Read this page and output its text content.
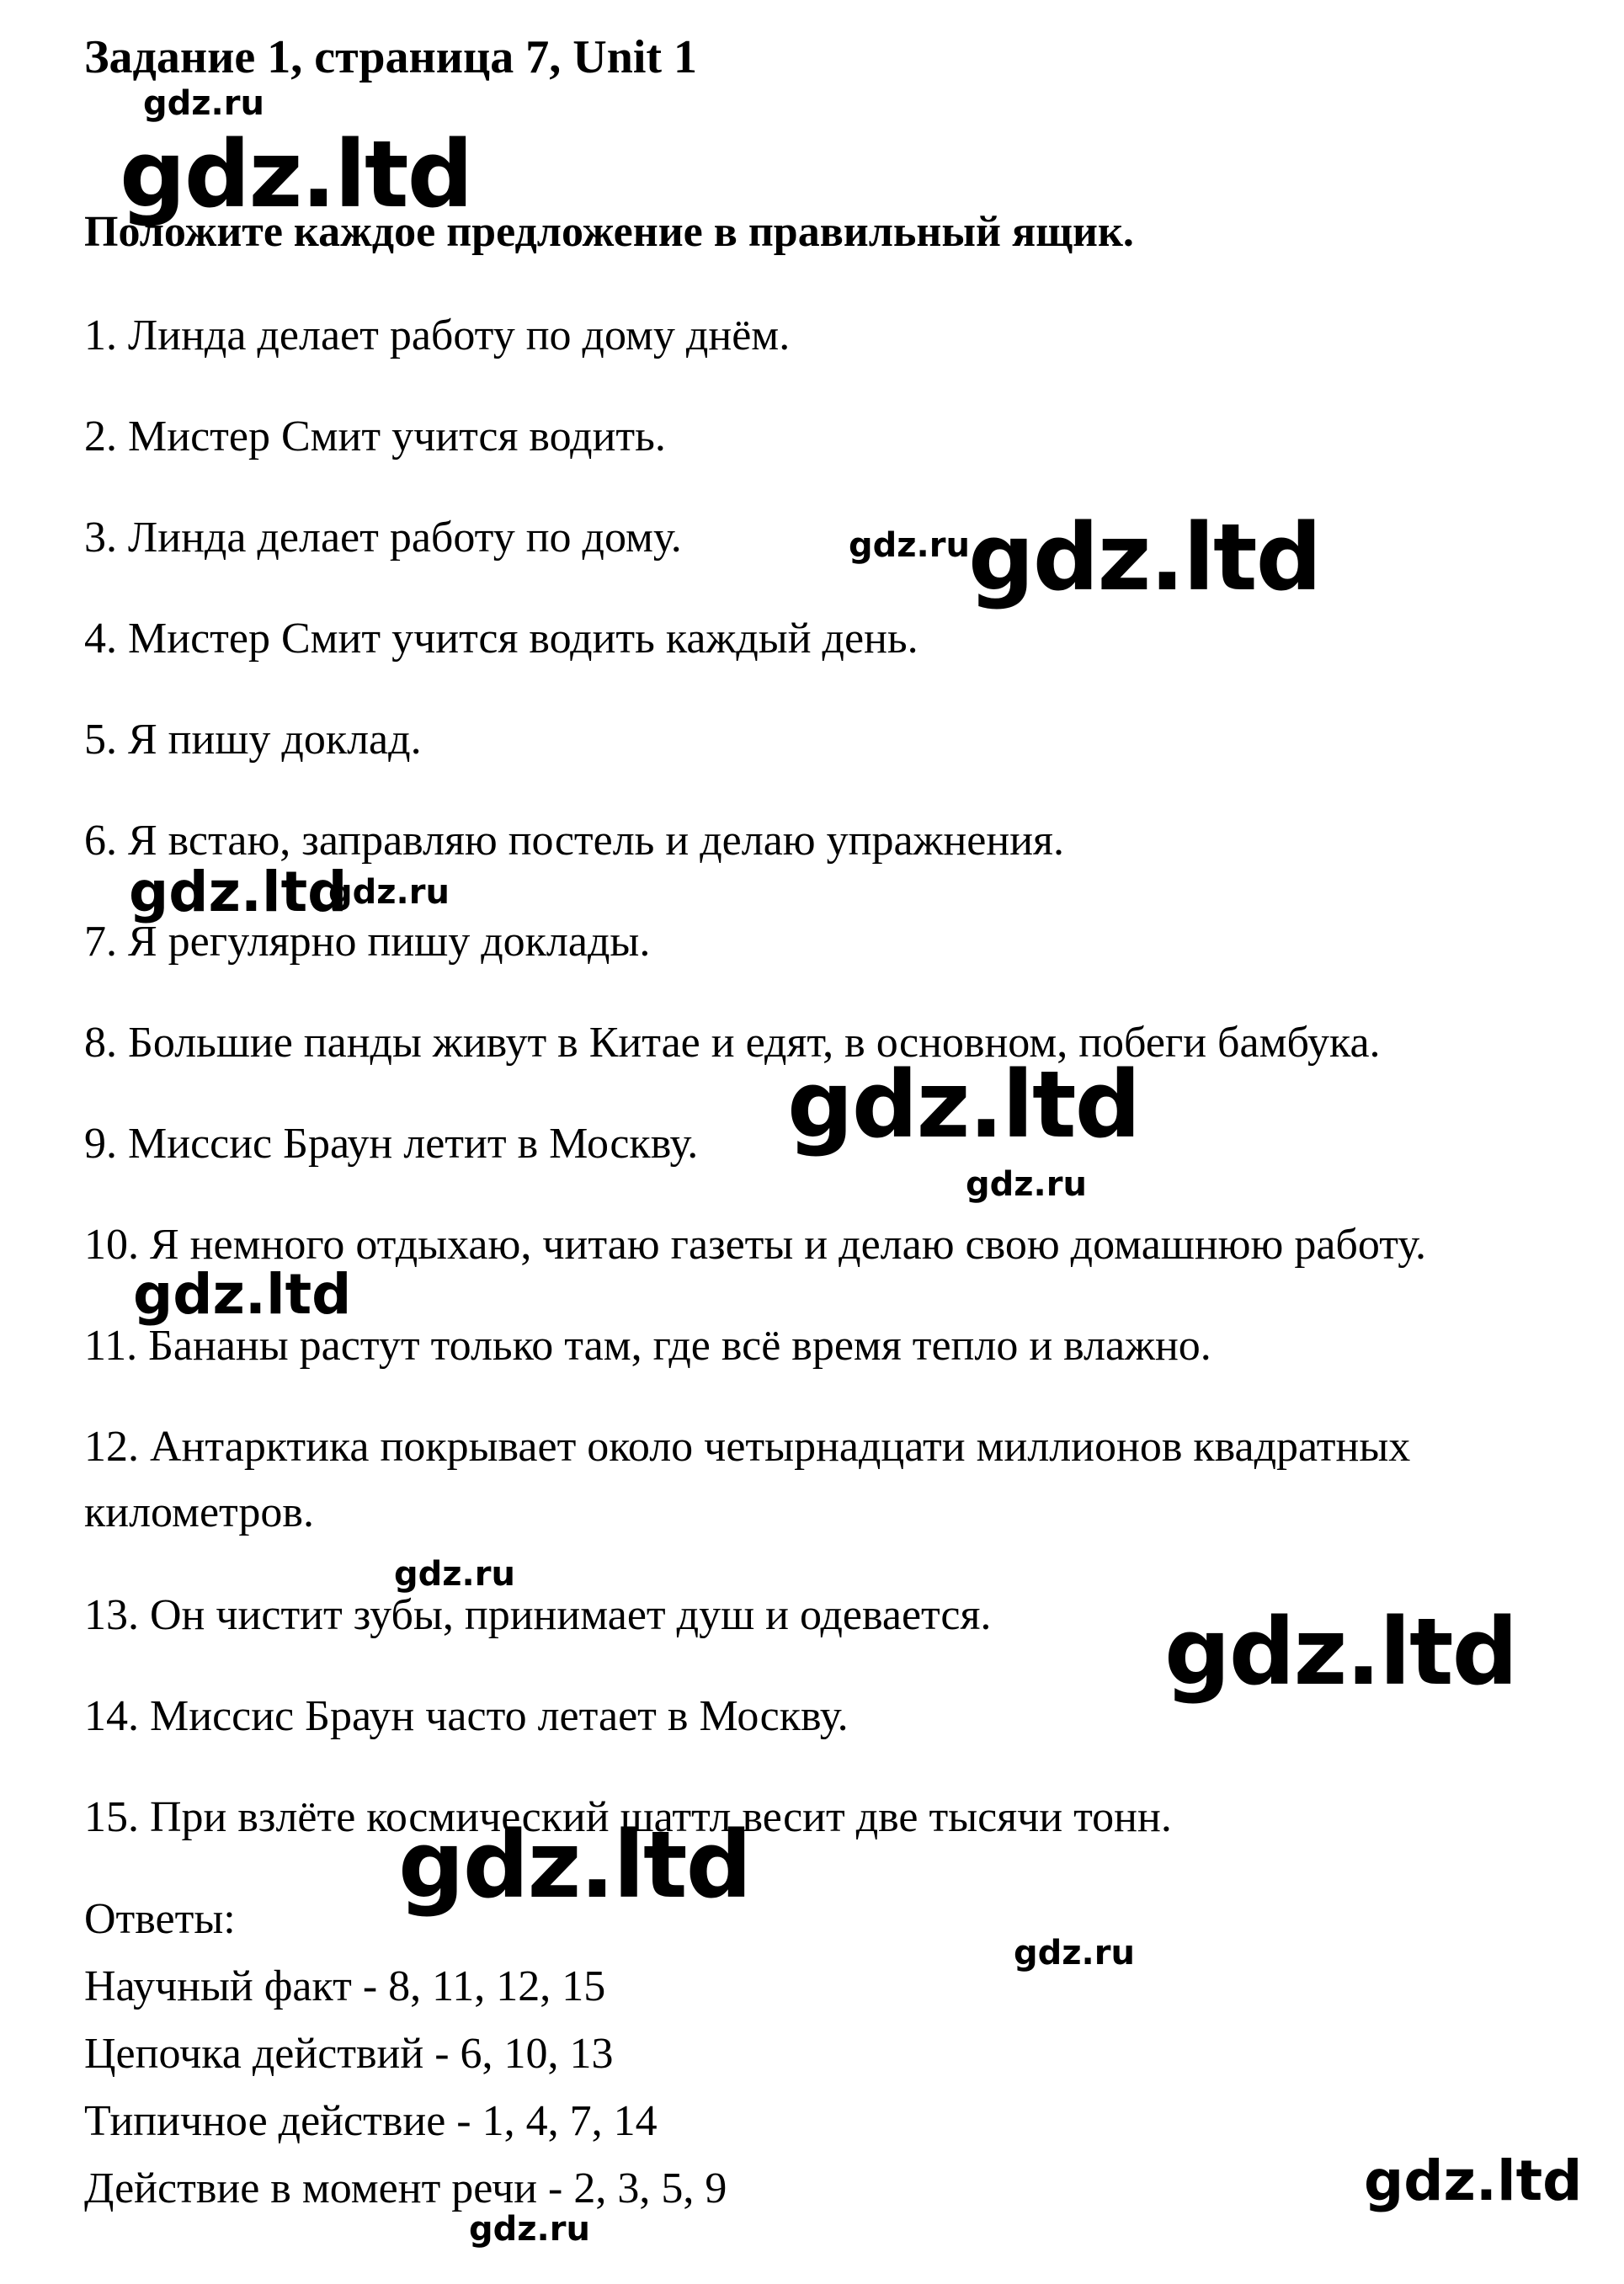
Задание 1, страница 7, Unit 1
gdz.ru
gdz.ltd
Положите каждое предложение в правильный ящик.
1. Линда делает работу по дому днём.
2. Мистер Смит учится водить.
3. Линда делает работу по дому.	gdz.ru
gdz.ltd
4. Мистер Смит учится водить каждый день.
5. Я пишу доклад.
6. Я встаю, заправляю постель и делаю упражнения.
gdz.ltd
gdz.ru
7. Я регулярно пишу доклады.
8. Большие панды живут в Китае и едят, в основном, побеги бамбука.
9. Миссис Браун летит в Москву. gdz.ltd
gdz.ru
10. Я немного отдыхаю, читаю газеты и делаю свою домашнюю работу.
gdz.ltd
11. Бананы растут только там, где всё время тепло и влажно.
12. Антарктика покрывает около четырнадцати миллионов квадратных километров.
gdz.ru
13. Он чистит зубы, принимает душ и одевается. gdz.ltd
14. Миссис Браун часто летает в Москву.
15. При взлёте космический шаттл весит две тысячи тонн.
gdz.ltd
Ответы:
Научный факт - 8, 11, 12, 15
Цепочка действий - 6, 10, 13
Типичное действие - 1, 4, 7, 14
Действие в момент речи - 2, 3, 5, 9
gdz.ru
gdz.ltd
gdz.ru
